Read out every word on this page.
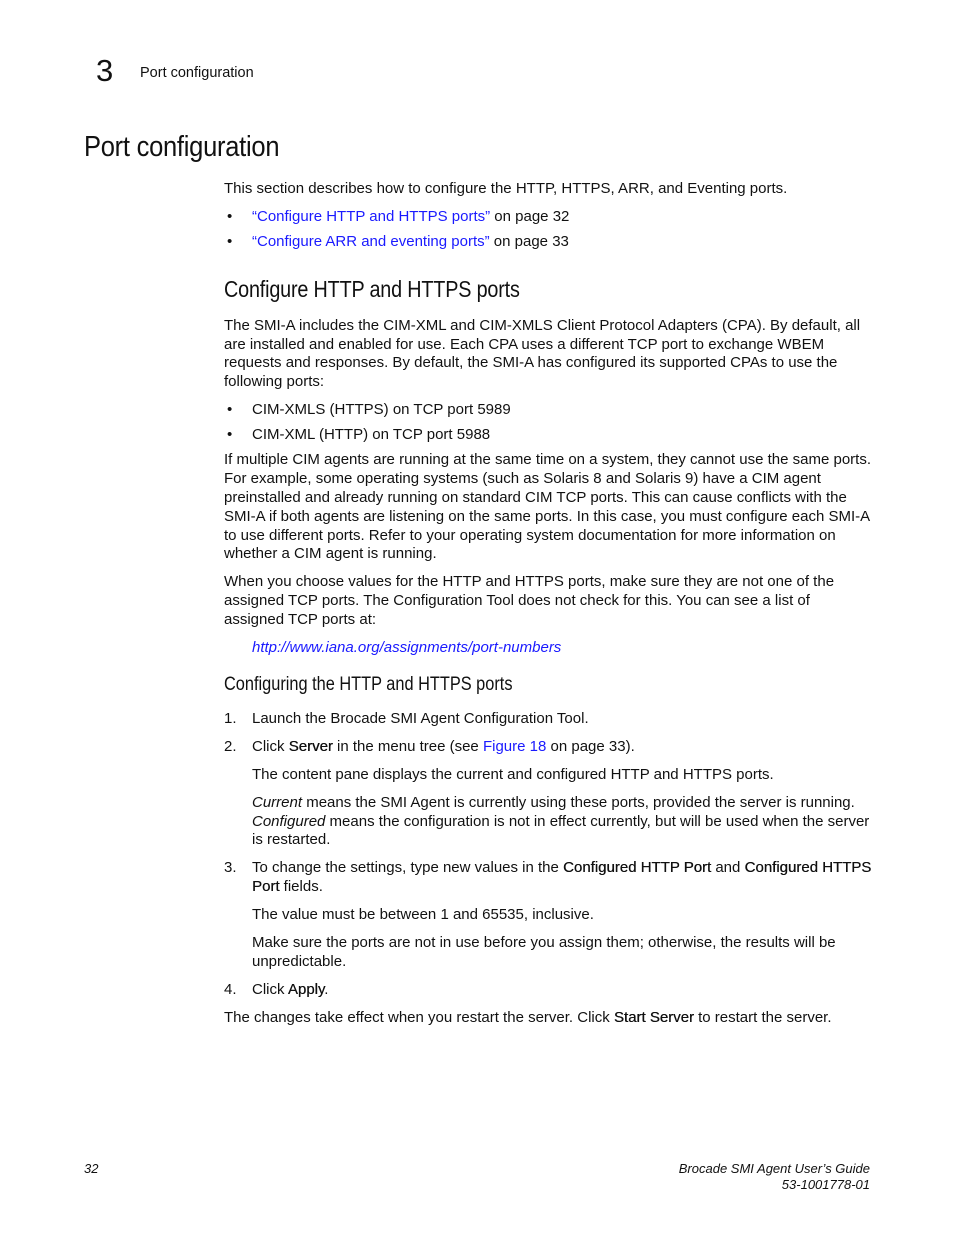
3 Port configuration
Port configuration

This section describes how to configure the HTTP, HTTPS, ARR, and Eventing ports.

• “Configure HTTP and HTTPS ports” on page 32
• “Configure ARR and eventing ports” on page 33
Configure HTTP and HTTPS ports

The SMI-A includes the CIM-XML and CIM-XMLS Client Protocol Adapters (CPA). By default, all are installed and enabled for use. Each CPA uses a different TCP port to exchange WBEM requests and responses. By default, the SMI-A has configured its supported CPAs to use the following ports:

• CIM-XMLS (HTTPS) on TCP port 5989
• CIM-XML (HTTP) on TCP port 5988

If multiple CIM agents are running at the same time on a system, they cannot use the same ports. For example, some operating systems (such as Solaris 8 and Solaris 9) have a CIM agent preinstalled and already running on standard CIM TCP ports. This can cause conflicts with the SMI-A if both agents are listening on the same ports. In this case, you must configure each SMI-A to use different ports. Refer to your operating system documentation for more information on whether a CIM agent is running.

When you choose values for the HTTP and HTTPS ports, make sure they are not one of the assigned TCP ports. The Configuration Tool does not check for this. You can see a list of assigned TCP ports at:

http://www.iana.org/assignments/port-numbers

Configuring the HTTP and HTTPS ports
1. Launch the Brocade SMI Agent Configuration Tool.
2. Click Server in the menu tree (see Figure 18 on page 33).

The content pane displays the current and configured HTTP and HTTPS ports.

Current means the SMI Agent is currently using these ports, provided the server is running. Configured means the configuration is not in effect currently, but will be used when the server is restarted.

3. To change the settings, type new values in the Configured HTTP Port and Configured HTTPS Port fields.

The value must be between 1 and 65535, inclusive.

Make sure the ports are not in use before you assign them; otherwise, the results will be unpredictable.

4. Click Apply.

The changes take effect when you restart the server. Click Start Server to restart the server.

32	Brocade SMI Agent User’s Guide
53-1001778-01
